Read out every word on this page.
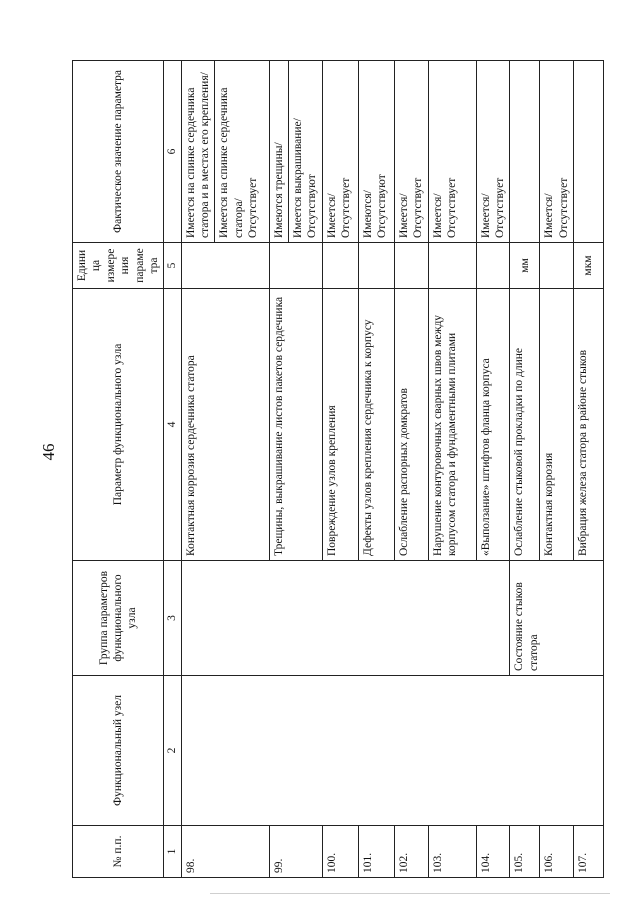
46
№ п.п.	Функциональный узел	Группа параметров функционального узла	Параметр функционального узла	Единица измерения параметра	Фактическое значение параметра
1	2	3	4	5	6
98.			Контактная коррозия сердечника статора		Имеется на спинке сердечника статора и в местах его крепления/ Имеется на спинке сердечника статора/ Отсутствует
99.			Трещины, выкрашивание листов пакетов сердечника		Имеются трещины/ Имеется выкрашивание/ Отсутствуют
100.			Повреждение узлов крепления		Имеется/ Отсутствует
101.			Дефекты узлов крепления сердечника к корпусу		Имеются/ Отсутствуют
102.			Ослабление распорных домкратов		Имеется/ Отсутствует
103.			Нарушение контуровочных сварных швов между корпусом статора и фундаментными плитами		Имеется/ Отсутствует
104.			«Выползание» штифтов фланца корпуса		Имеется/ Отсутствует
105.		Состояние стыков статора	Ослабление стыковой прокладки по длине	мм	
106.			Контактная коррозия		Имеется/ Отсутствует
107.			Вибрация железа статора в районе стыков	мкм	
